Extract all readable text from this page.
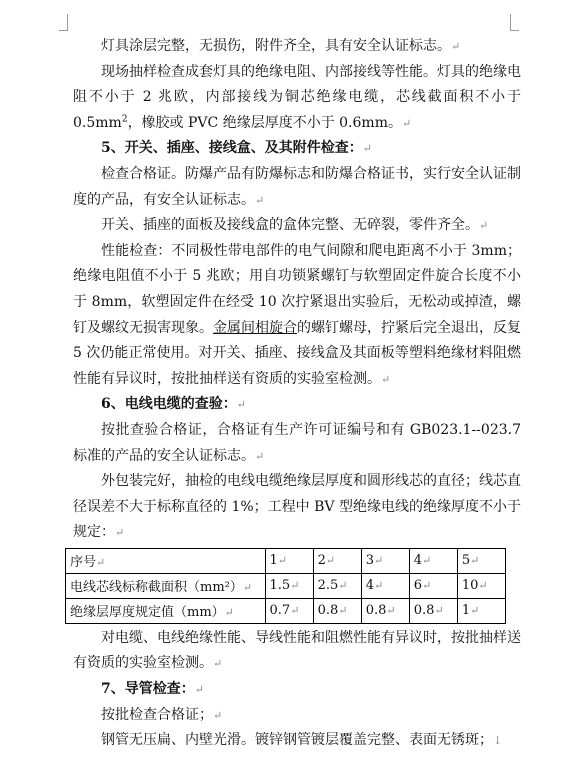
灯具涂层完整，无损伤，附件齐全，具有安全认证标志。↵

现场抽样检查成套灯具的绝缘电阻、内部接线等性能。灯具的绝缘电阻不小于 2 兆欧，内部接线为铜芯绝缘电缆，芯线截面积不小于 $0.5mm^2$，橡胶或 PVC 绝缘层厚度不小于 0.6mm。↵

5、开关、插座、接线盒、及其附件检查：↵

检查合格证。防爆产品有防爆标志和防爆合格证书，实行安全认证制度的产品，有安全认证标志。↵

开关、插座的面板及接线盒的盒体完整、无碎裂，零件齐全。↵

性能检查：不同极性带电部件的电气间隙和爬电距离不小于 3mm；绝缘电阻值不小于 5 兆欧；用自功锁紧螺钉与软塑固定件旋合长度不小于 8mm，软塑固定件在经受 10 次拧紧退出实验后，无松动或掉渣，螺钉及螺纹无损害现象。金属间相旋合的螺钉螺母，拧紧后完全退出，反复 5 次仍能正常使用。对开关、插座、接线盒及其面板等塑料绝缘材料阻燃性能有异议时，按批抽样送有资质的实验室检测。↵

6、电线电缆的查验：↵

按批查验合格证，合格证有生产许可证编号和有 GB023.1--023.7 标准的产品的安全认证标志。↵

外包装完好，抽检的电线电缆绝缘层厚度和圆形线芯的直径；线芯直径误差不大于标称直径的 1%；工程中 BV 型绝缘电线的绝缘厚度不小于规定：↵

序号↵	1↵	2↵	3↵	4↵	5↵
电线芯线标称截面积（mm²）↵	1.5↵	2.5↵	4↵	6↵	10↵
绝缘层厚度规定值（mm）↵	0.7↵	0.8↵	0.8↵	0.8↵	1↵

对电缆、电线绝缘性能、导线性能和阻燃性能有异议时，按批抽样送有资质的实验室检测。↵

7、导管检查：↵

按批检查合格证；↵

钢管无压扁、内壁光滑。镀锌钢管镀层覆盖完整、表面无锈斑；↓
